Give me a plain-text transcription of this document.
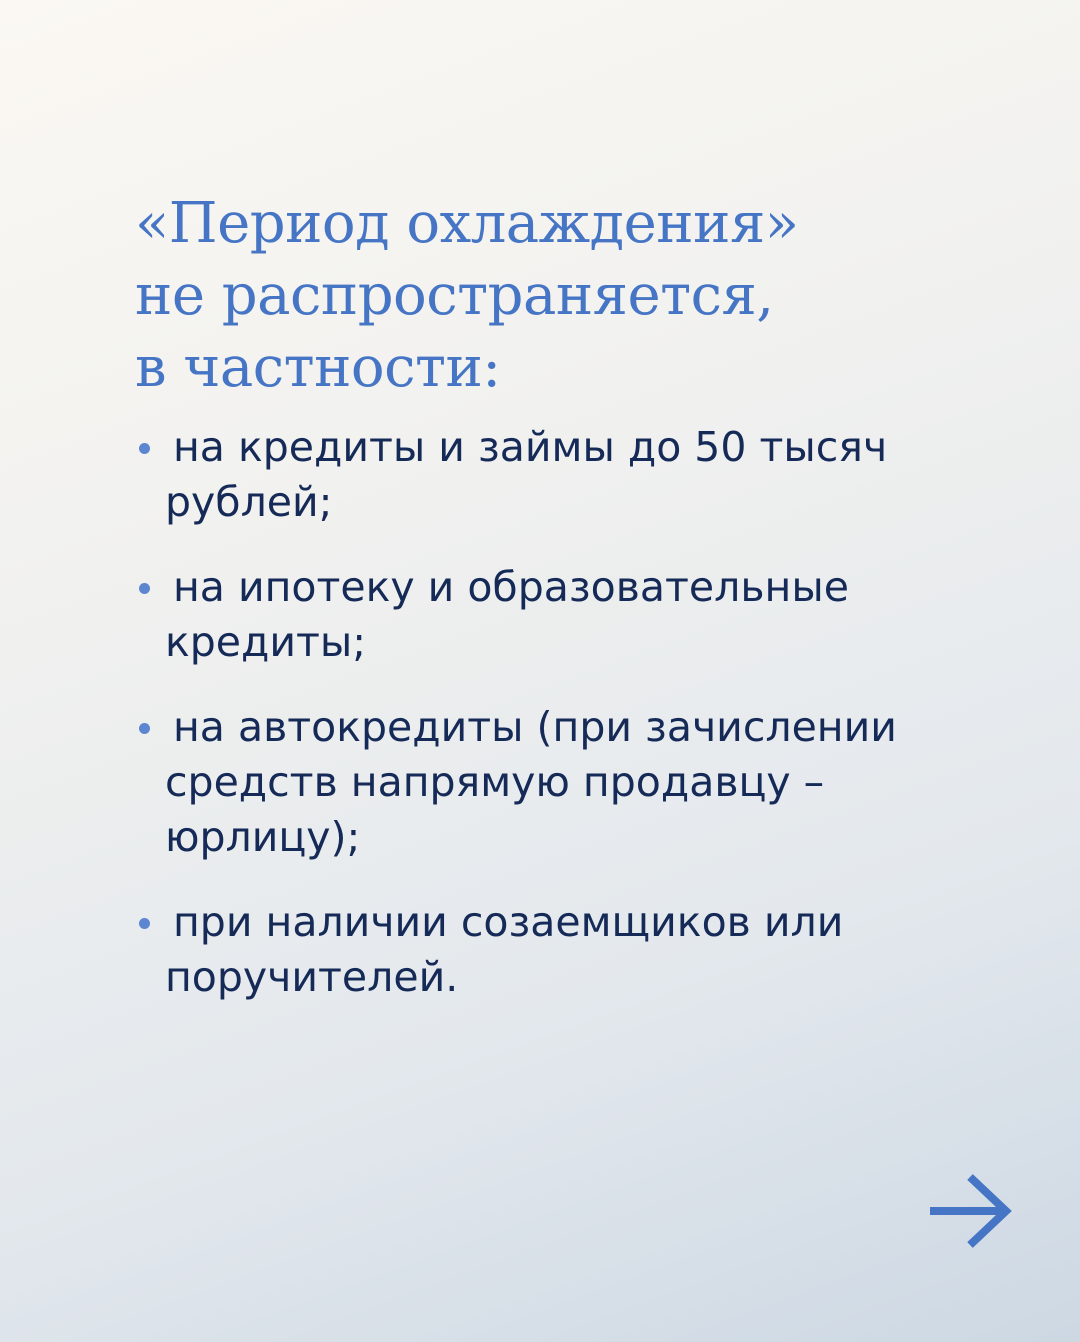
«Период охлаждения»
не распространяется,
в частности:
на кредиты и займы до 50 тысяч
рублей;
на ипотеку и образовательные
кредиты;
на автокредиты (при зачислении
средств напрямую продавцу –
юрлицу);
при наличии созаемщиков или
поручителей.
